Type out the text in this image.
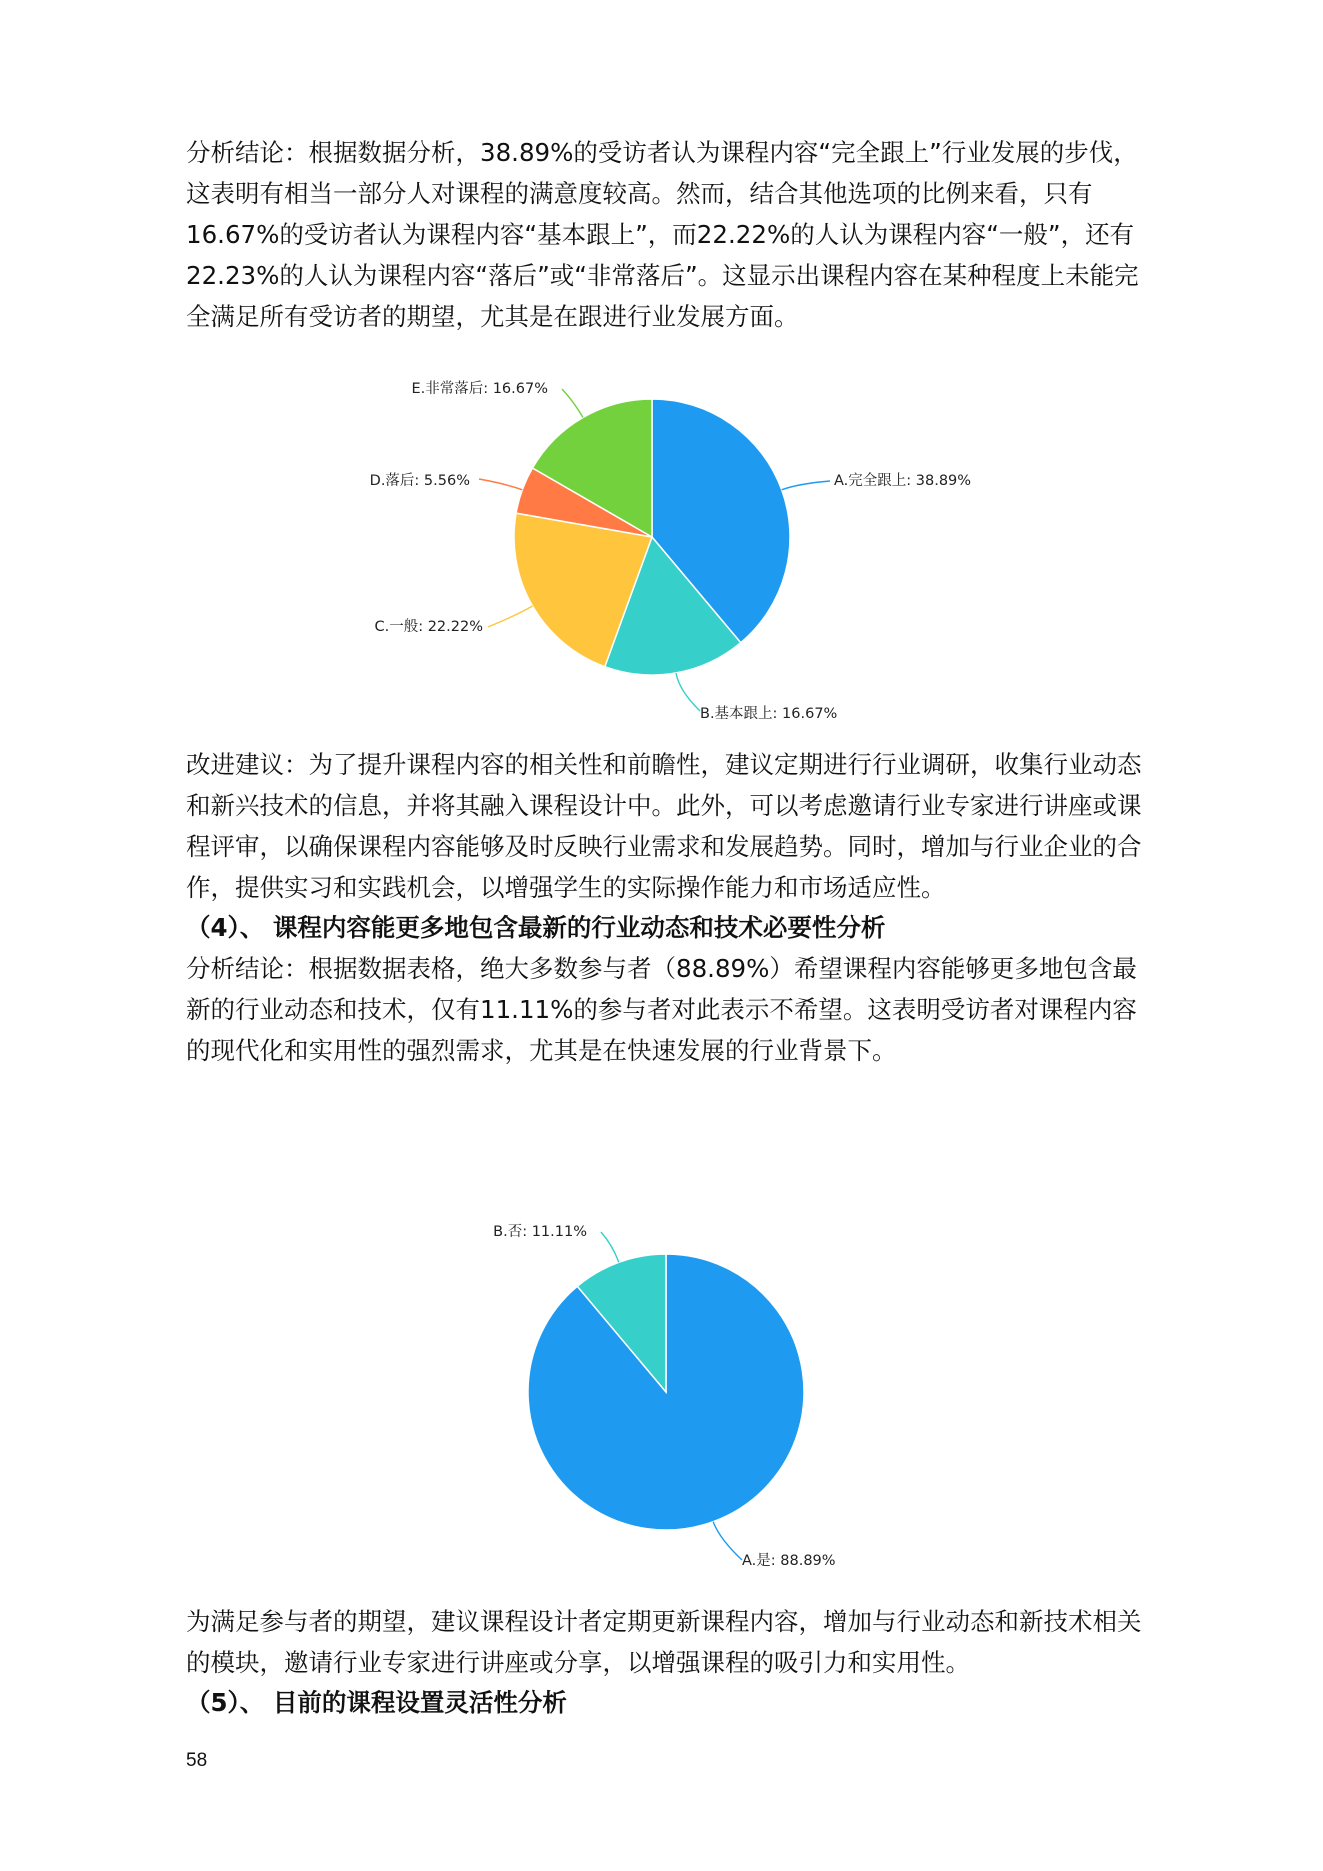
分析结论：根据数据分析，38.89%的受访者认为课程内容“完全跟上”行业发展的步伐，这表明有相当一部分人对课程的满意度较高。然而，结合其他选项的比例来看，只有16.67%的受访者认为课程内容“基本跟上”，而22.22%的人认为课程内容“一般”，还有22.23%的人认为课程内容“落后”或“非常落后”。这显示出课程内容在某种程度上未能完全满足所有受访者的期望，尤其是在跟进行业发展方面。

A.完全跟上: 38.89%
B.基本跟上: 16.67%
C.一般: 22.22%
D.落后: 5.56%
E.非常落后: 16.67%

改进建议：为了提升课程内容的相关性和前瞻性，建议定期进行行业调研，收集行业动态和新兴技术的信息，并将其融入课程设计中。此外，可以考虑邀请行业专家进行讲座或课程评审，以确保课程内容能够及时反映行业需求和发展趋势。同时，增加与行业企业的合作，提供实习和实践机会，以增强学生的实际操作能力和市场适应性。

（4）、 课程内容能更多地包含最新的行业动态和技术必要性分析

分析结论：根据数据表格，绝大多数参与者（88.89%）希望课程内容能够更多地包含最新的行业动态和技术，仅有11.11%的参与者对此表示不希望。这表明受访者对课程内容的现代化和实用性的强烈需求，尤其是在快速发展的行业背景下。

A.是: 88.89%
B.否: 11.11%

为满足参与者的期望，建议课程设计者定期更新课程内容，增加与行业动态和新技术相关的模块，邀请行业专家进行讲座或分享，以增强课程的吸引力和实用性。

（5）、 目前的课程设置灵活性分析

58
